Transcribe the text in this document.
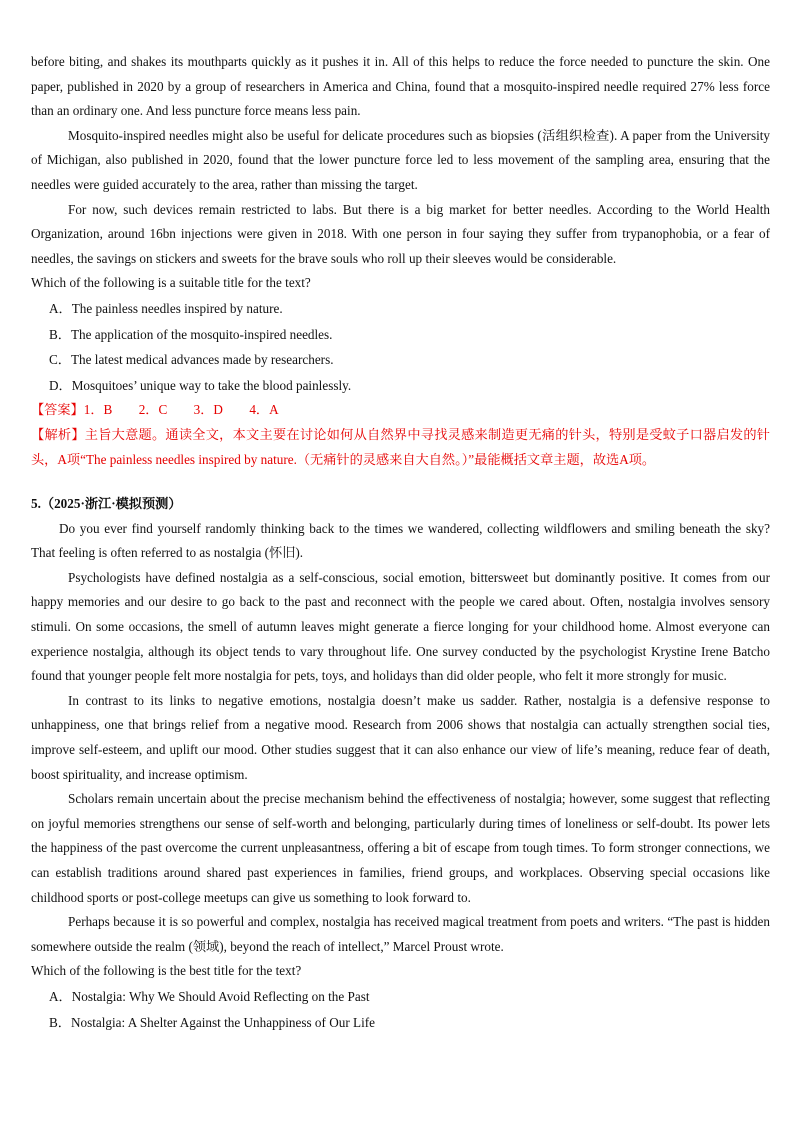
before biting, and shakes its mouthparts quickly as it pushes it in. All of this helps to reduce the force needed to puncture the skin. One paper, published in 2020 by a group of researchers in America and China, found that a mosquito-inspired needle required 27% less force than an ordinary one. And less puncture force means less pain.

Mosquito-inspired needles might also be useful for delicate procedures such as biopsies (活组织检查). A paper from the University of Michigan, also published in 2020, found that the lower puncture force led to less movement of the sampling area, ensuring that the needles were guided accurately to the area, rather than missing the target.

For now, such devices remain restricted to labs. But there is a big market for better needles. According to the World Health Organization, around 16bn injections were given in 2018. With one person in four saying they suffer from trypanophobia, or a fear of needles, the savings on stickers and sweets for the brave souls who roll up their sleeves would be considerable.

Which of the following is a suitable title for the text?

A．The painless needles inspired by nature.

B．The application of the mosquito-inspired needles.

C．The latest medical advances made by researchers.

D．Mosquitoes’ unique way to take the blood painlessly.

【答案】1．B　　2．C　　3．D　　4．A

【解析】主旨大意题。通读全文，本文主要在讨论如何从自然界中寻找灵感来制造更无痛的针头，特别是受蚊子口器启发的针头，A项“The painless needles inspired by nature.（无痛针的灵感来自大自然。）”最能概括文章主题，故选A项。

5.（2025·浙江·模拟预测）

Do you ever find yourself randomly thinking back to the times we wandered, collecting wildflowers and smiling beneath the sky? That feeling is often referred to as nostalgia (怀旧).

Psychologists have defined nostalgia as a self-conscious, social emotion, bittersweet but dominantly positive. It comes from our happy memories and our desire to go back to the past and reconnect with the people we cared about. Often, nostalgia involves sensory stimuli. On some occasions, the smell of autumn leaves might generate a fierce longing for your childhood home. Almost everyone can experience nostalgia, although its object tends to vary throughout life. One survey conducted by the psychologist Krystine Irene Batcho found that younger people felt more nostalgia for pets, toys, and holidays than did older people, who felt it more strongly for music.

In contrast to its links to negative emotions, nostalgia doesn’t make us sadder. Rather, nostalgia is a defensive response to unhappiness, one that brings relief from a negative mood. Research from 2006 shows that nostalgia can actually strengthen social ties, improve self-esteem, and uplift our mood. Other studies suggest that it can also enhance our view of life’s meaning, reduce fear of death, boost spirituality, and increase optimism.

Scholars remain uncertain about the precise mechanism behind the effectiveness of nostalgia; however, some suggest that reflecting on joyful memories strengthens our sense of self-worth and belonging, particularly during times of loneliness or self-doubt. Its power lets the happiness of the past overcome the current unpleasantness, offering a bit of escape from tough times. To form stronger connections, we can establish traditions around shared past experiences in families, friend groups, and workplaces. Observing special occasions like childhood sports or post-college meetups can give us something to look forward to.

Perhaps because it is so powerful and complex, nostalgia has received magical treatment from poets and writers. “The past is hidden somewhere outside the realm (领域), beyond the reach of intellect,” Marcel Proust wrote.

Which of the following is the best title for the text?

A．Nostalgia: Why We Should Avoid Reflecting on the Past

B．Nostalgia: A Shelter Against the Unhappiness of Our Life
